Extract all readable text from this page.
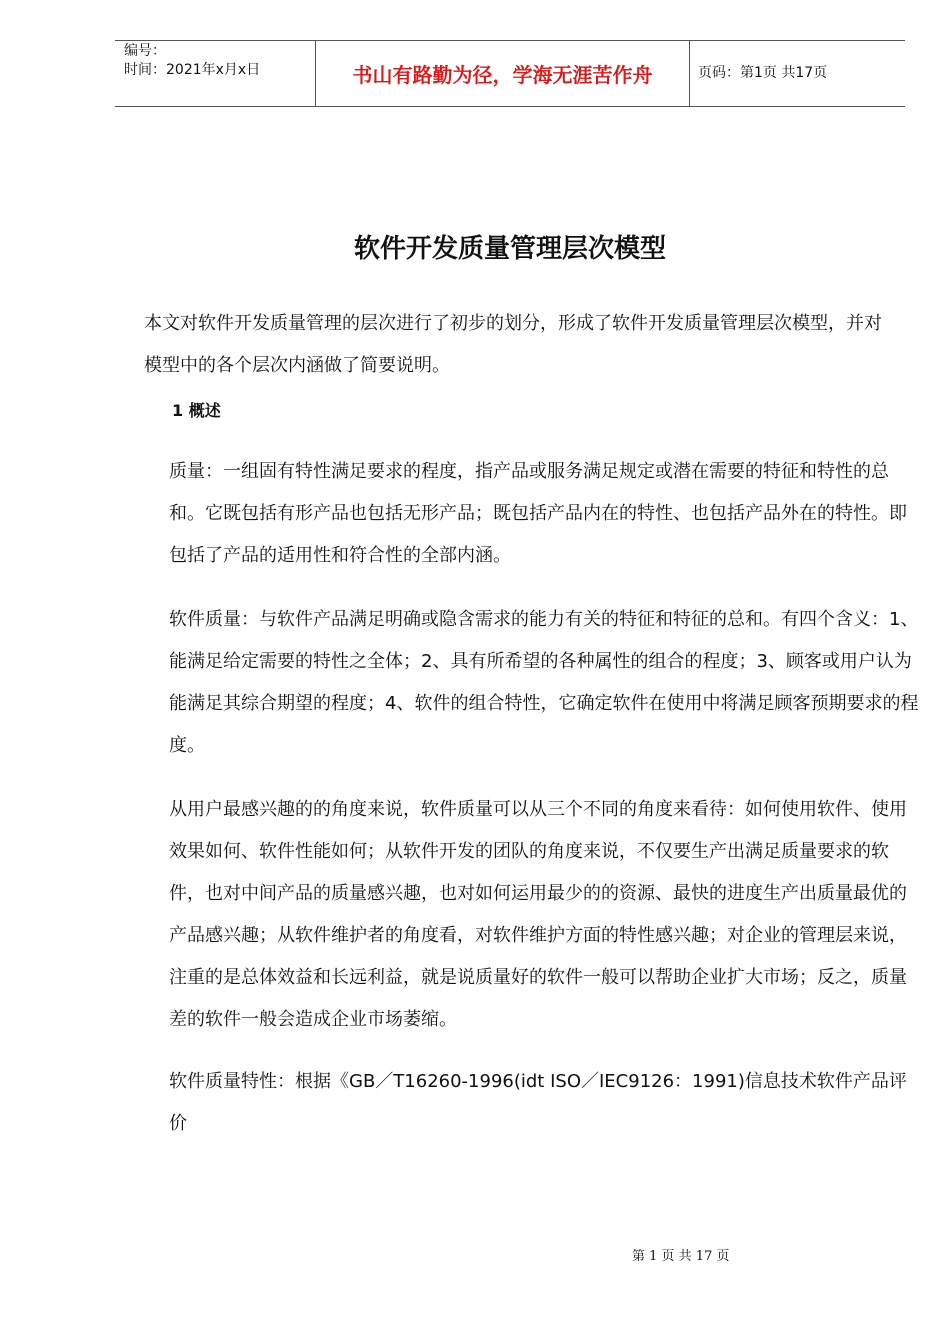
编号：
时间：2021年x月x日	书山有路勤为径，学海无涯苦作舟	页码：第1页 共17页
软件开发质量管理层次模型
本文对软件开发质量管理的层次进行了初步的划分，形成了软件开发质量管理层次模型，并对模型中的各个层次内涵做了简要说明。
1 概述
质量：一组固有特性满足要求的程度，指产品或服务满足规定或潜在需要的特征和特性的总和。它既包括有形产品也包括无形产品；既包括产品内在的特性、也包括产品外在的特性。即包括了产品的适用性和符合性的全部内涵。
软件质量：与软件产品满足明确或隐含需求的能力有关的特征和特征的总和。有四个含义：1、能满足给定需要的特性之全体；2、具有所希望的各种属性的组合的程度；3、顾客或用户认为能满足其综合期望的程度；4、软件的组合特性，它确定软件在使用中将满足顾客预期要求的程度。
从用户最感兴趣的的角度来说，软件质量可以从三个不同的角度来看待：如何使用软件、使用效果如何、软件性能如何；从软件开发的团队的角度来说，不仅要生产出满足质量要求的软件，也对中间产品的质量感兴趣，也对如何运用最少的的资源、最快的进度生产出质量最优的产品感兴趣；从软件维护者的角度看，对软件维护方面的特性感兴趣；对企业的管理层来说，注重的是总体效益和长远利益，就是说质量好的软件一般可以帮助企业扩大市场；反之，质量差的软件一般会造成企业市场萎缩。
软件质量特性：根据《GB／T16260-1996(idt ISO／IEC9126：1991)信息技术软件产品评价
第 1 页 共 17 页
